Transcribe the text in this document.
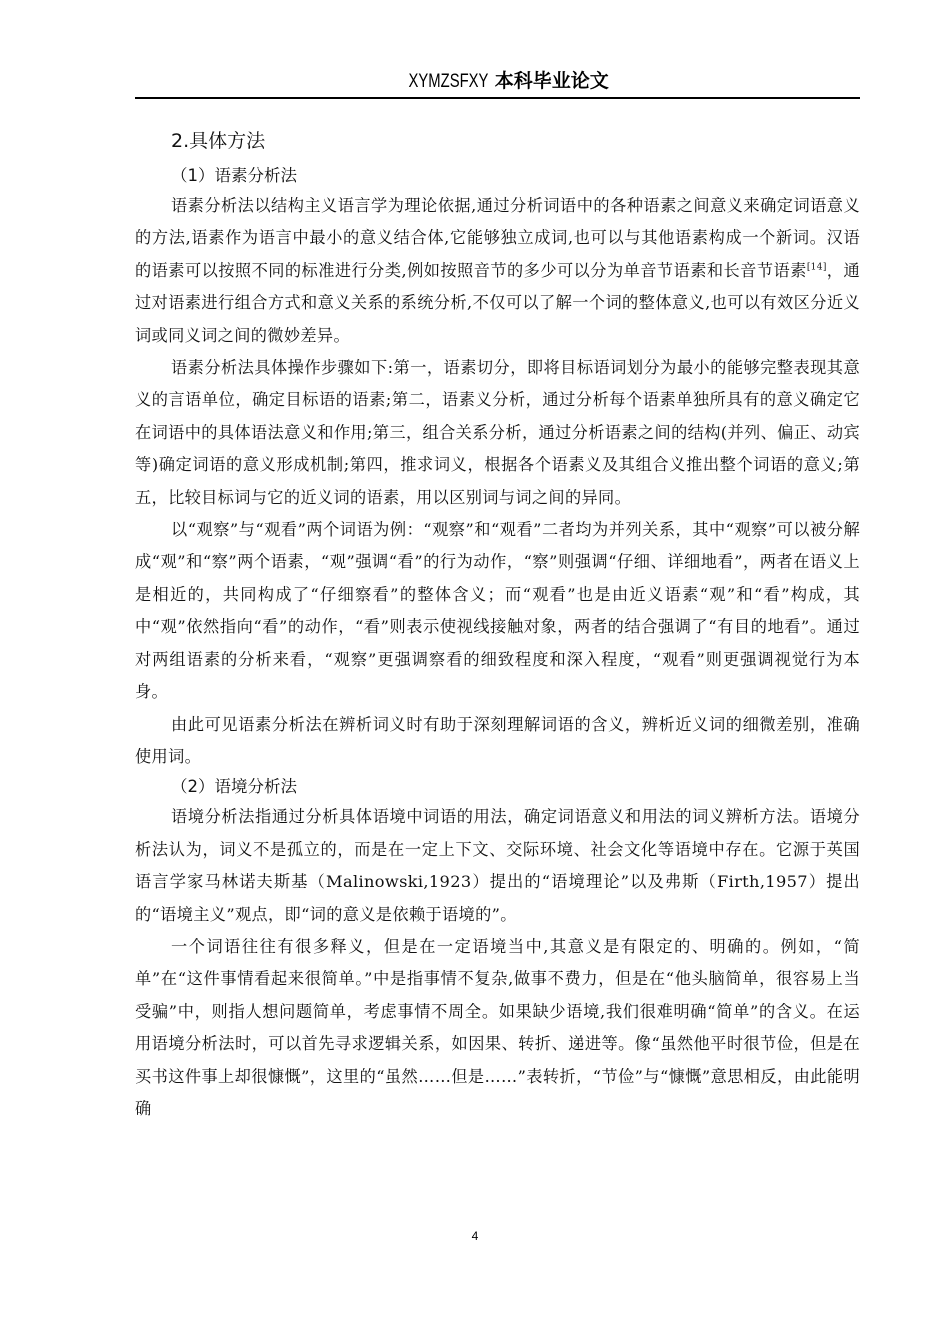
XYMZSFXY 本科毕业论文
2.具体方法
（1）语素分析法

语素分析法以结构主义语言学为理论依据,通过分析词语中的各种语素之间意义来确定词语意义的方法,语素作为语言中最小的意义结合体,它能够独立成词,也可以与其他语素构成一个新词。汉语的语素可以按照不同的标准进行分类,例如按照音节的多少可以分为单音节语素和长音节语素[14]，通过对语素进行组合方式和意义关系的系统分析,不仅可以了解一个词的整体意义,也可以有效区分近义词或同义词之间的微妙差异。

语素分析法具体操作步骤如下:第一，语素切分，即将目标语词划分为最小的能够完整表现其意义的言语单位，确定目标语的语素;第二，语素义分析，通过分析每个语素单独所具有的意义确定它在词语中的具体语法意义和作用;第三，组合关系分析，通过分析语素之间的结构(并列、偏正、动宾等)确定词语的意义形成机制;第四，推求词义，根据各个语素义及其组合义推出整个词语的意义;第五，比较目标词与它的近义词的语素，用以区别词与词之间的异同。

以“观察”与“观看”两个词语为例：“观察”和“观看”二者均为并列关系，其中“观察”可以被分解成“观”和“察”两个语素，“观”强调“看”的行为动作，“察”则强调“仔细、详细地看”，两者在语义上是相近的，共同构成了“仔细察看”的整体含义；而“观看”也是由近义语素“观”和“看”构成，其中“观”依然指向“看”的动作，“看”则表示使视线接触对象，两者的结合强调了“有目的地看”。通过对两组语素的分析来看，“观察”更强调察看的细致程度和深入程度，“观看”则更强调视觉行为本身。

由此可见语素分析法在辨析词义时有助于深刻理解词语的含义，辨析近义词的细微差别，准确使用词。

（2）语境分析法

语境分析法指通过分析具体语境中词语的用法，确定词语意义和用法的词义辨析方法。语境分析法认为，词义不是孤立的，而是在一定上下文、交际环境、社会文化等语境中存在。它源于英国语言学家马林诺夫斯基（Malinowski,1923）提出的“语境理论”以及弗斯（Firth,1957）提出的“语境主义”观点，即“词的意义是依赖于语境的”。

一个词语往往有很多释义，但是在一定语境当中,其意义是有限定的、明确的。例如，“简单”在“这件事情看起来很简单。”中是指事情不复杂,做事不费力，但是在“他头脑简单，很容易上当受骗”中，则指人想问题简单，考虑事情不周全。如果缺少语境,我们很难明确“简单”的含义。在运用语境分析法时，可以首先寻求逻辑关系，如因果、转折、递进等。像“虽然他平时很节俭，但是在买书这件事上却很慷慨”，这里的“虽然……但是……”表转折，“节俭”与“慷慨”意思相反，由此能明确

4
